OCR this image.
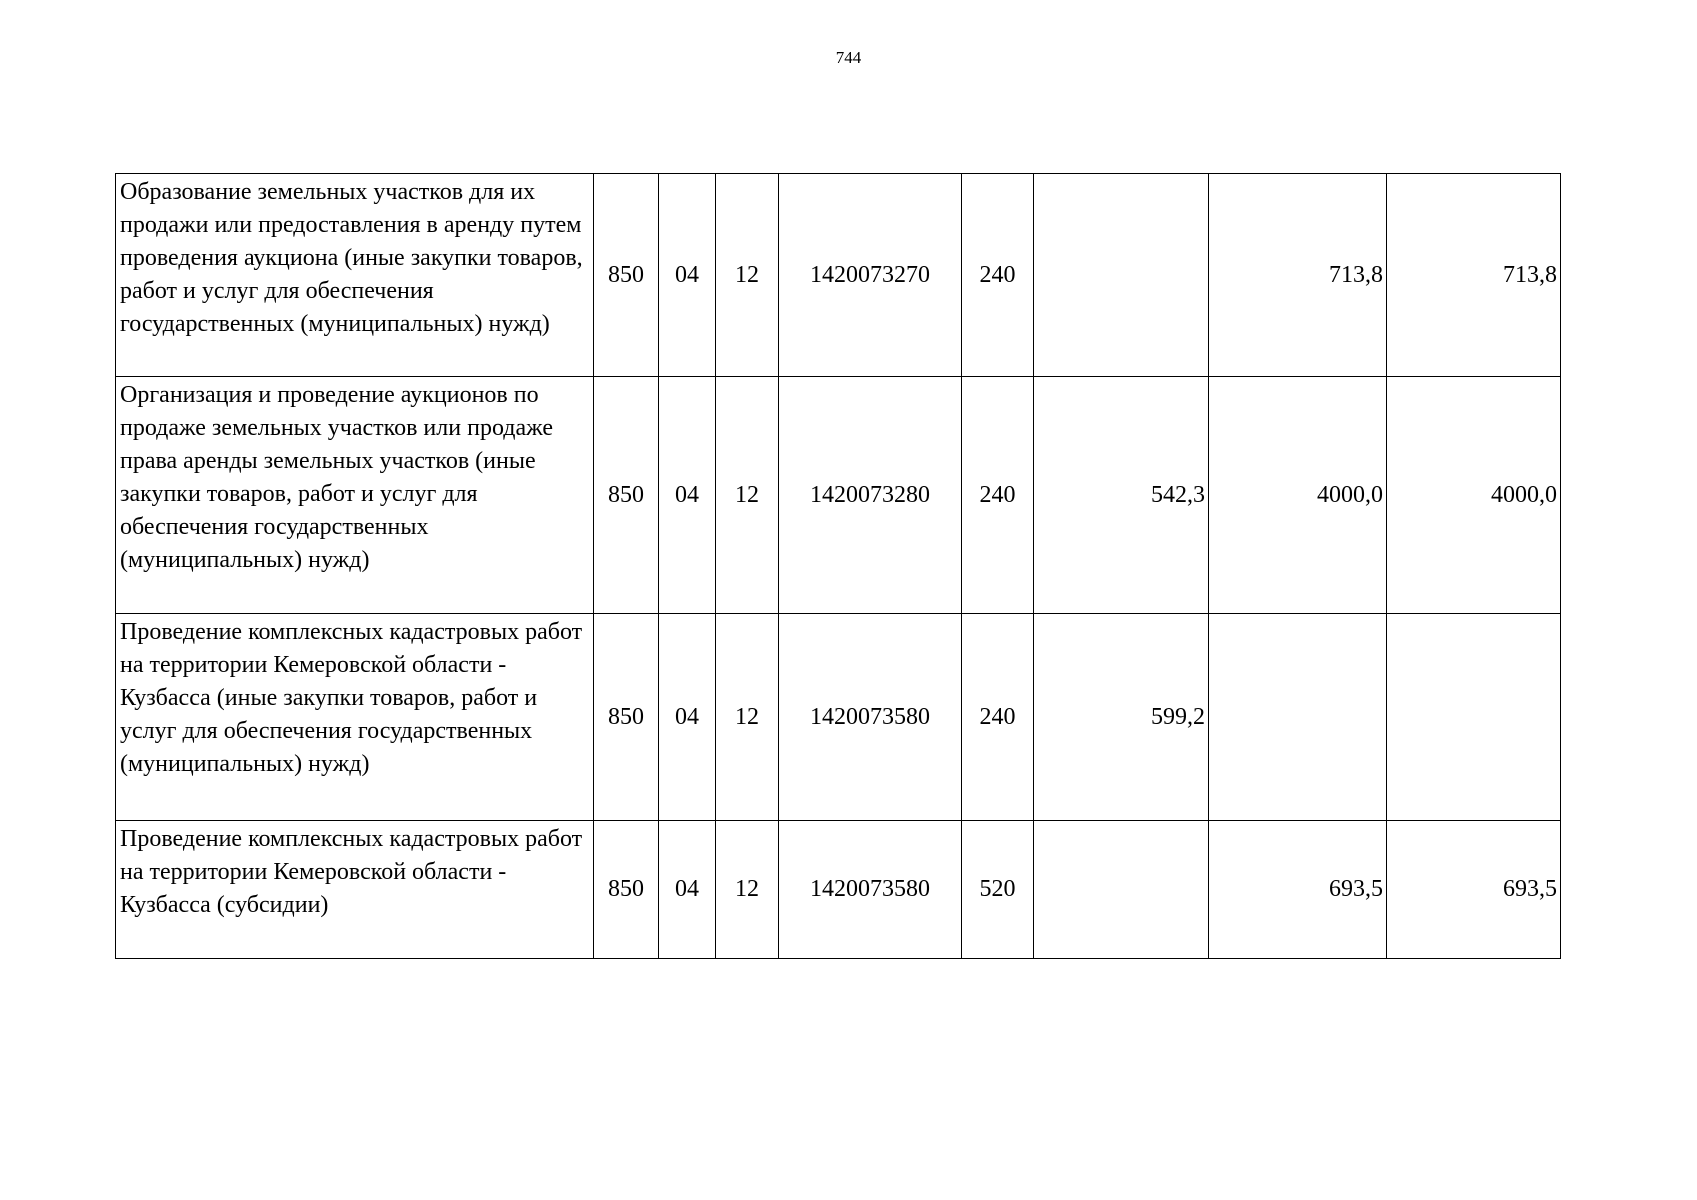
744
Образование земельных участков для их продажи или предоставления в аренду путем проведения аукциона (иные закупки товаров, работ и услуг для обеспечения государственных (муниципальных) нужд)	850	04	12	1420073270	240		713,8	713,8
Организация и проведение аукционов по продаже земельных участков или продаже права аренды земельных участков (иные закупки товаров, работ и услуг для обеспечения государственных (муниципальных) нужд)	850	04	12	1420073280	240	542,3	4000,0	4000,0
Проведение комплексных кадастровых работ на территории Кемеровской области - Кузбасса (иные закупки товаров, работ и услуг для обеспечения государственных (муниципальных) нужд)	850	04	12	1420073580	240	599,2		
Проведение комплексных кадастровых работ на территории Кемеровской области - Кузбасса (субсидии)	850	04	12	1420073580	520		693,5	693,5
